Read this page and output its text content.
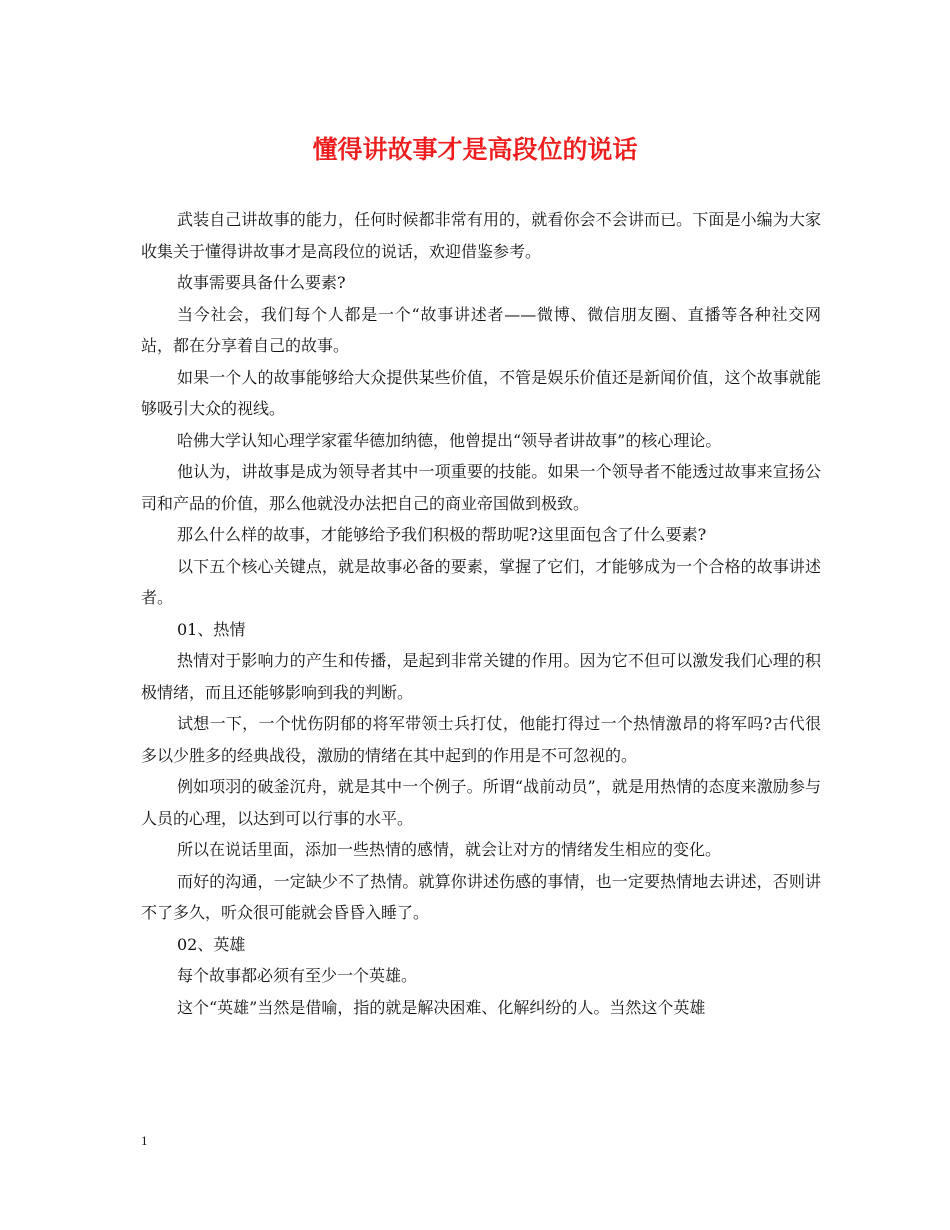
懂得讲故事才是高段位的说话

武装自己讲故事的能力，任何时候都非常有用的，就看你会不会讲而已。下面是小编为大家收集关于懂得讲故事才是高段位的说话，欢迎借鉴参考。

故事需要具备什么要素?

当今社会，我们每个人都是一个“故事讲述者——微博、微信朋友圈、直播等各种社交网站，都在分享着自己的故事。

如果一个人的故事能够给大众提供某些价值，不管是娱乐价值还是新闻价值，这个故事就能够吸引大众的视线。

哈佛大学认知心理学家霍华德加纳德，他曾提出“领导者讲故事”的核心理论。

他认为，讲故事是成为领导者其中一项重要的技能。如果一个领导者不能透过故事来宣扬公司和产品的价值，那么他就没办法把自己的商业帝国做到极致。

那么什么样的故事，才能够给予我们积极的帮助呢?这里面包含了什么要素?

以下五个核心关键点，就是故事必备的要素，掌握了它们，才能够成为一个合格的故事讲述者。

01、热情

热情对于影响力的产生和传播，是起到非常关键的作用。因为它不但可以激发我们心理的积极情绪，而且还能够影响到我的判断。

试想一下，一个忧伤阴郁的将军带领士兵打仗，他能打得过一个热情激昂的将军吗?古代很多以少胜多的经典战役，激励的情绪在其中起到的作用是不可忽视的。

例如项羽的破釜沉舟，就是其中一个例子。所谓“战前动员”，就是用热情的态度来激励参与人员的心理，以达到可以行事的水平。

所以在说话里面，添加一些热情的感情，就会让对方的情绪发生相应的变化。

而好的沟通，一定缺少不了热情。就算你讲述伤感的事情，也一定要热情地去讲述，否则讲不了多久，听众很可能就会昏昏入睡了。

02、英雄

每个故事都必须有至少一个英雄。

这个“英雄”当然是借喻，指的就是解决困难、化解纠纷的人。当然这个英雄

1
